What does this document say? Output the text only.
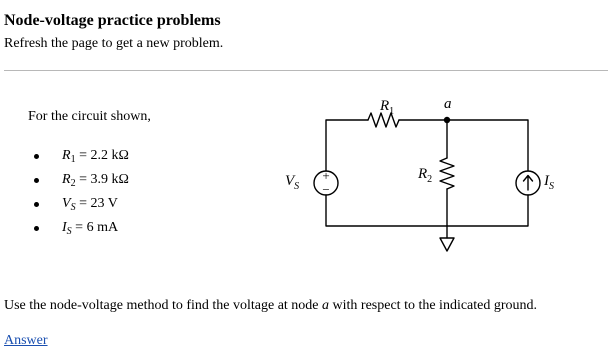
Node-voltage practice problems

Refresh the page to get a new problem.

For the circuit shown,
$R_1 = 2.2$ kΩ
$R_2 = 3.9$ kΩ
$V_S = 23$ V
$I_S = 6$ mA
$R_1$	a
$R_2$
$V_S$	$I_S$
+
−
Use the node-voltage method to find the voltage at node a with respect to the indicated ground.
Answer
